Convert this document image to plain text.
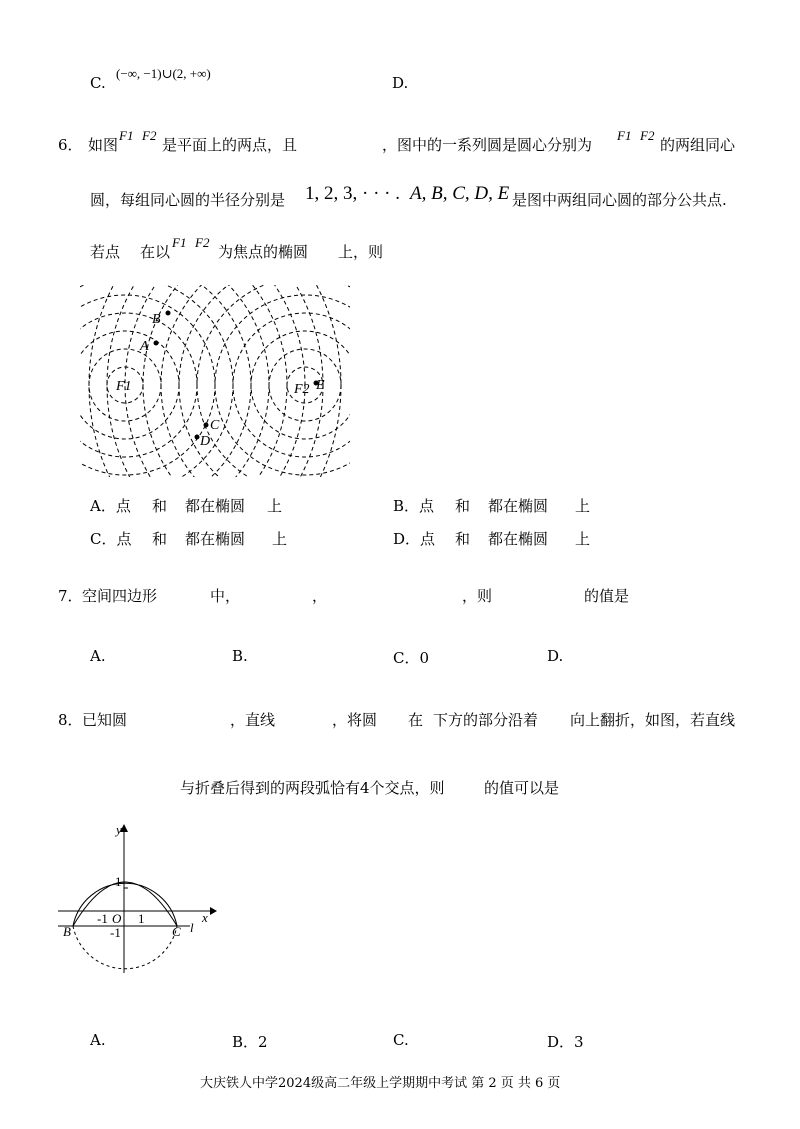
C.
(−∞, −1)∪(2, +∞)
D.
6． 如图
F1 F2
是平面上的两点，且	，图中的一系列圆是圆心分别为
F1 F2
的两组同心
圆，每组同心圆的半径分别是 1, 2, 3, · · · . A, B, C, D, E 是图中两组同心圆的部分公共点.
若点 在以
F1 F2
为焦点的椭圆 上，则
B
A
F1	F2 E
C
D
A．点 和 都在椭圆 上	B．点 和 都在椭圆 上
C．点 和 都在椭圆 上	D．点 和 都在椭圆 上
7． 空间四边形	中，	，	，则	的值是
A.	B.	C．0	D.
8． 已知圆	，直线	，将圆 在 下方的部分沿着 向上翻折，如图，若直线
与折叠后得到的两段弧恰有4个交点，则	的值可以是
y
x
1
-1 O 1
-1
B	C l
A.	B．2	C.	D．3
大庆铁人中学2024级高二年级上学期期中考试 第 2 页 共 6 页
